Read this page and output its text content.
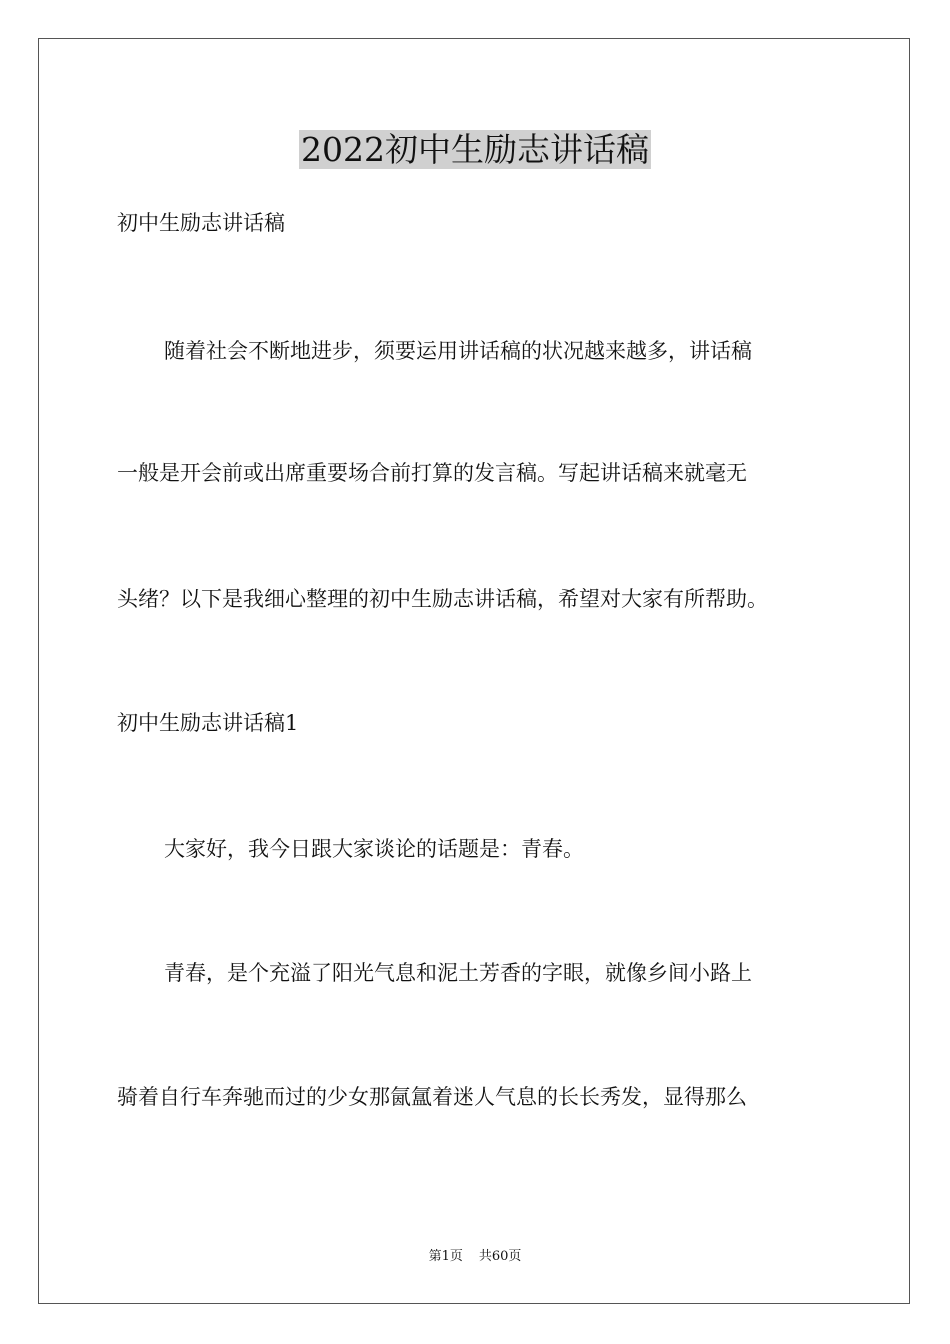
2022初中生励志讲话稿

初中生励志讲话稿

随着社会不断地进步，须要运用讲话稿的状况越来越多，讲话稿

一般是开会前或出席重要场合前打算的发言稿。写起讲话稿来就毫无

头绪？以下是我细心整理的初中生励志讲话稿，希望对大家有所帮助。

初中生励志讲话稿1

大家好，我今日跟大家谈论的话题是：青春。

青春，是个充溢了阳光气息和泥土芳香的字眼，就像乡间小路上

骑着自行车奔驰而过的少女那氤氲着迷人气息的长长秀发，显得那么

第1页 共60页
